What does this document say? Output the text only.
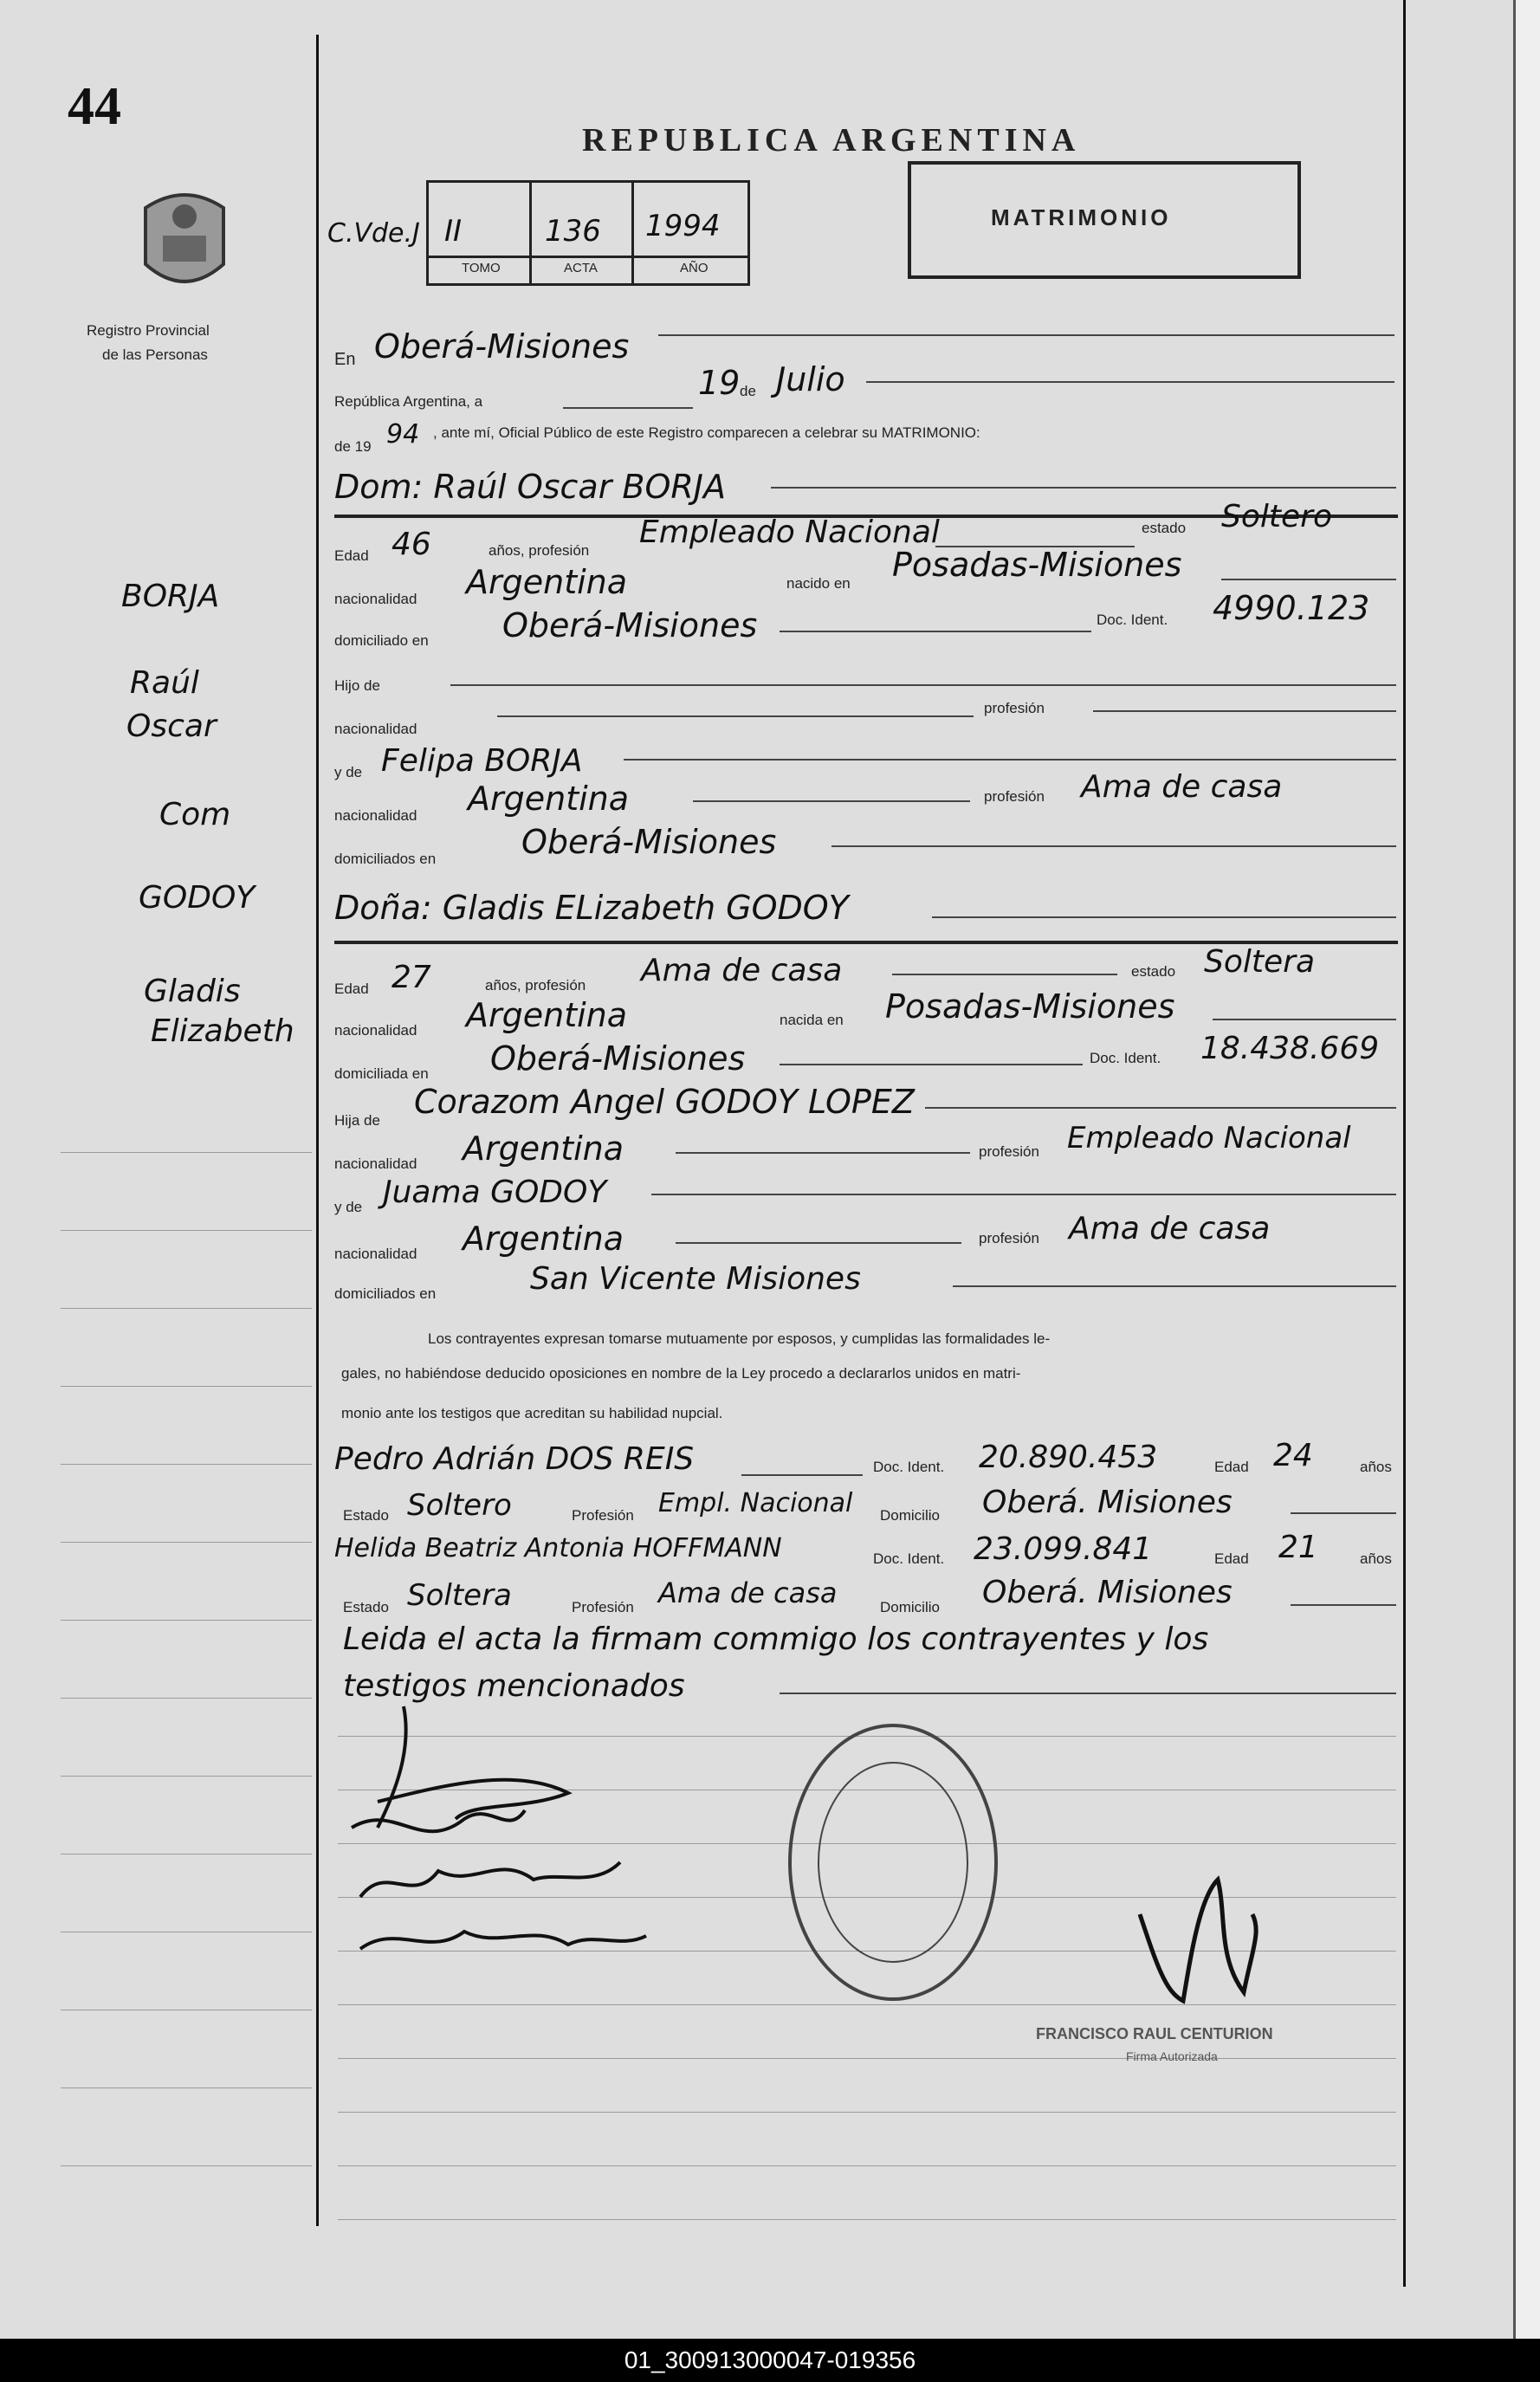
44
Registro Provincial
de las Personas
REPUBLICA ARGENTINA
C.Vde.J II	136 1994
TOMO	ACTA	AÑO
MATRIMONIO
BORJA
Raúl
Oscar
Com
GODOY
Gladis
Elizabeth
En Oberá-Misiones
República Argentina, a	19 de Julio
de 19 94 , ante mí, Oficial Público de este Registro comparecen a celebrar su MATRIMONIO:
Dom: Raúl Oscar BORJA
Edad 46	años, profesión
Empleado Nacional	estado Soltero
nacionalidad Argentina	nacido en Posadas-Misiones
domiciliado en Oberá-Misiones	Doc. Ident. 4990.123
Hijo de
nacionalidad
profesión
y de Felipa BORJA
nacionalidad Argentina	profesión Ama de casa
domiciliados en	Oberá-Misiones
Doña: Gladis ELizabeth GODOY
Edad 27	años, profesión Ama de casa	estado Soltera
nacionalidad Argentina	nacida en Posadas-Misiones
domiciliada en Oberá-Misiones	Doc. Ident. 18.438.669
Hija de Corazom Angel GODOY LOPEZ
nacionalidad Argentina	profesión Empleado Nacional
y de Juama GODOY
nacionalidad Argentina	profesión Ama de casa
domiciliados en	San Vicente Misiones
Los contrayentes expresan tomarse mutuamente por esposos, y cumplidas las formalidades le-
gales, no habiéndose deducido oposiciones en nombre de la Ley procedo a declararlos unidos en matri-
monio ante los testigos que acreditan su habilidad nupcial.
Pedro Adrián DOS REIS	Doc. Ident. 20.890.453	Edad 24	años
Estado Soltero	Profesión Empl. Nacional Domicilio Oberá. Misiones
Helida Beatriz Antonia HOFFMANN	Doc. Ident. 23.099.841	Edad 21	años
Estado Soltera	Profesión Ama de casa	Domicilio Oberá. Misiones
Leida el acta la firmam commigo los contrayentes y los
testigos mencionados
FRANCISCO RAUL CENTURION
Firma Autorizada
01_300913000047-019356
